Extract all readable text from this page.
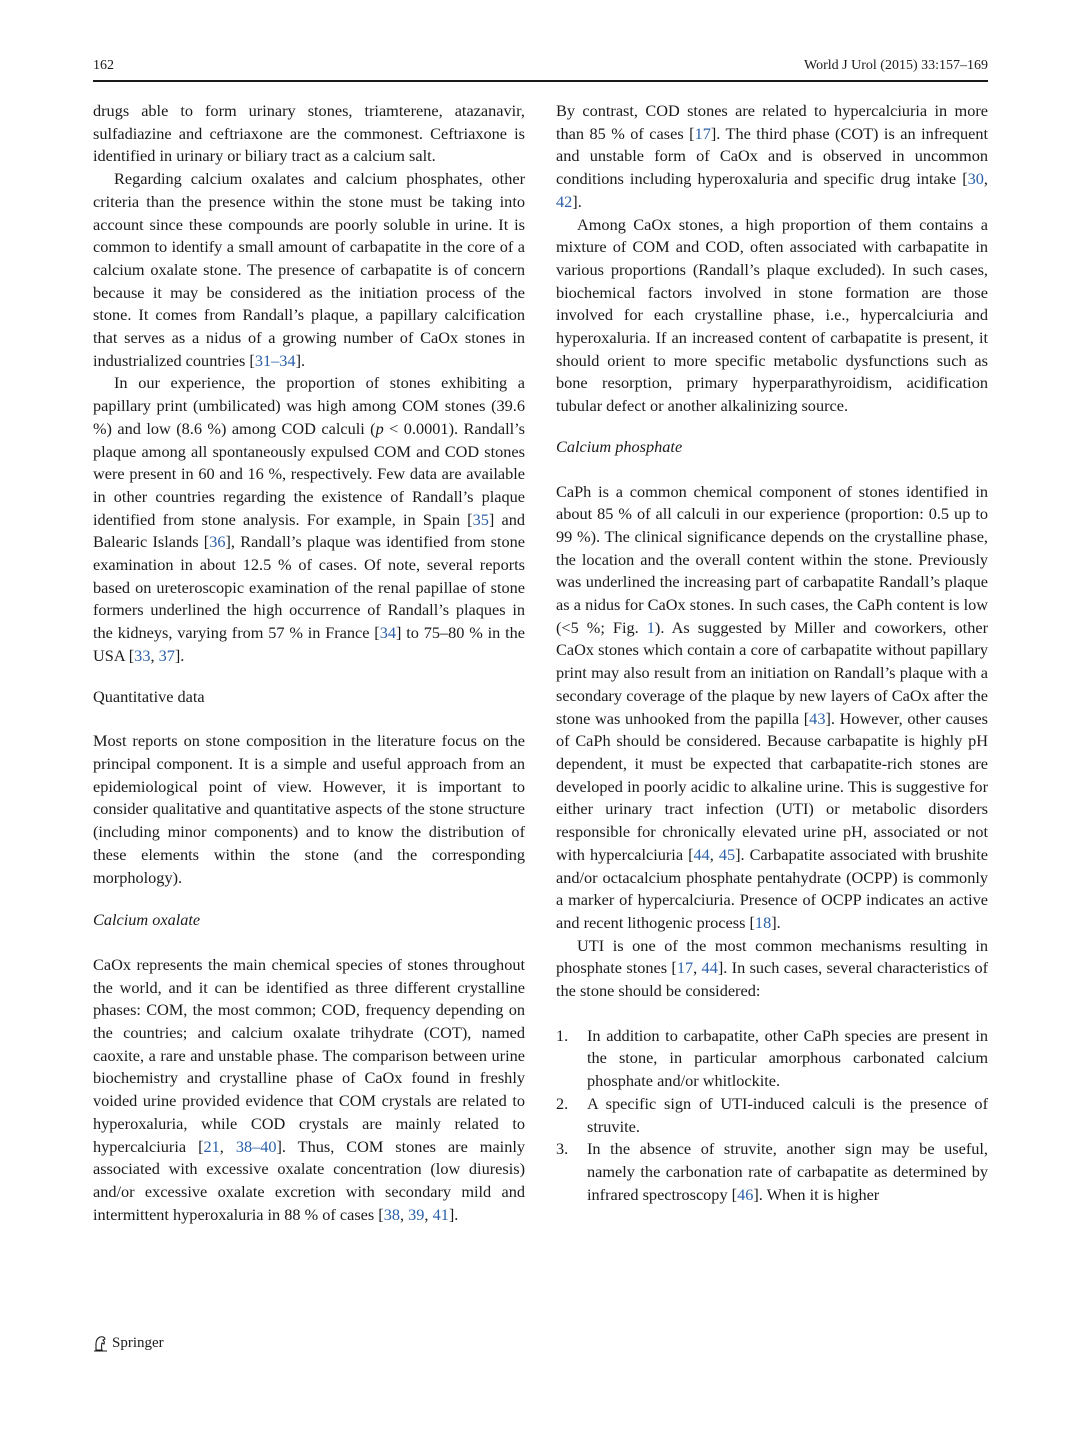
162	World J Urol (2015) 33:157–169

drugs able to form urinary stones, triamterene, atazanavir, sulfadiazine and ceftriaxone are the commonest. Ceftriaxone is identified in urinary or biliary tract as a calcium salt.

Regarding calcium oxalates and calcium phosphates, other criteria than the presence within the stone must be taking into account since these compounds are poorly soluble in urine. It is common to identify a small amount of carbapatite in the core of a calcium oxalate stone. The presence of carbapatite is of concern because it may be considered as the initiation process of the stone. It comes from Randall’s plaque, a papillary calcification that serves as a nidus of a growing number of CaOx stones in industrialized countries [31–34].

In our experience, the proportion of stones exhibiting a papillary print (umbilicated) was high among COM stones (39.6 %) and low (8.6 %) among COD calculi (p < 0.0001). Randall’s plaque among all spontaneously expulsed COM and COD stones were present in 60 and 16 %, respectively. Few data are available in other countries regarding the existence of Randall’s plaque identified from stone analysis. For example, in Spain [35] and Balearic Islands [36], Randall’s plaque was identified from stone examination in about 12.5 % of cases. Of note, several reports based on ureteroscopic examination of the renal papillae of stone formers underlined the high occurrence of Randall’s plaques in the kidneys, varying from 57 % in France [34] to 75–80 % in the USA [33, 37].

Quantitative data

Most reports on stone composition in the literature focus on the principal component. It is a simple and useful approach from an epidemiological point of view. However, it is important to consider qualitative and quantitative aspects of the stone structure (including minor components) and to know the distribution of these elements within the stone (and the corresponding morphology).

Calcium oxalate

CaOx represents the main chemical species of stones throughout the world, and it can be identified as three different crystalline phases: COM, the most common; COD, frequency depending on the countries; and calcium oxalate trihydrate (COT), named caoxite, a rare and unstable phase. The comparison between urine biochemistry and crystalline phase of CaOx found in freshly voided urine provided evidence that COM crystals are related to hyperoxaluria, while COD crystals are mainly related to hypercalciuria [21, 38–40]. Thus, COM stones are mainly associated with excessive oxalate concentration (low diuresis) and/or excessive oxalate excretion with secondary mild and intermittent hyperoxaluria in 88 % of cases [38, 39, 41].

By contrast, COD stones are related to hypercalciuria in more than 85 % of cases [17]. The third phase (COT) is an infrequent and unstable form of CaOx and is observed in uncommon conditions including hyperoxaluria and specific drug intake [30, 42].

Among CaOx stones, a high proportion of them contains a mixture of COM and COD, often associated with carbapatite in various proportions (Randall’s plaque excluded). In such cases, biochemical factors involved in stone formation are those involved for each crystalline phase, i.e., hypercalciuria and hyperoxaluria. If an increased content of carbapatite is present, it should orient to more specific metabolic dysfunctions such as bone resorption, primary hyperparathyroidism, acidification tubular defect or another alkalinizing source.

Calcium phosphate

CaPh is a common chemical component of stones identified in about 85 % of all calculi in our experience (proportion: 0.5 up to 99 %). The clinical significance depends on the crystalline phase, the location and the overall content within the stone. Previously was underlined the increasing part of carbapatite Randall’s plaque as a nidus for CaOx stones. In such cases, the CaPh content is low (<5 %; Fig. 1). As suggested by Miller and coworkers, other CaOx stones which contain a core of carbapatite without papillary print may also result from an initiation on Randall’s plaque with a secondary coverage of the plaque by new layers of CaOx after the stone was unhooked from the papilla [43]. However, other causes of CaPh should be considered. Because carbapatite is highly pH dependent, it must be expected that carbapatite-rich stones are developed in poorly acidic to alkaline urine. This is suggestive for either urinary tract infection (UTI) or metabolic disorders responsible for chronically elevated urine pH, associated or not with hypercalciuria [44, 45]. Carbapatite associated with brushite and/or octacalcium phosphate pentahydrate (OCPP) is commonly a marker of hypercalciuria. Presence of OCPP indicates an active and recent lithogenic process [18].

UTI is one of the most common mechanisms resulting in phosphate stones [17, 44]. In such cases, several characteristics of the stone should be considered:

1. In addition to carbapatite, other CaPh species are present in the stone, in particular amorphous carbonated calcium phosphate and/or whitlockite.
2. A specific sign of UTI-induced calculi is the presence of struvite.
3. In the absence of struvite, another sign may be useful, namely the carbonation rate of carbapatite as determined by infrared spectroscopy [46]. When it is higher
Springer
